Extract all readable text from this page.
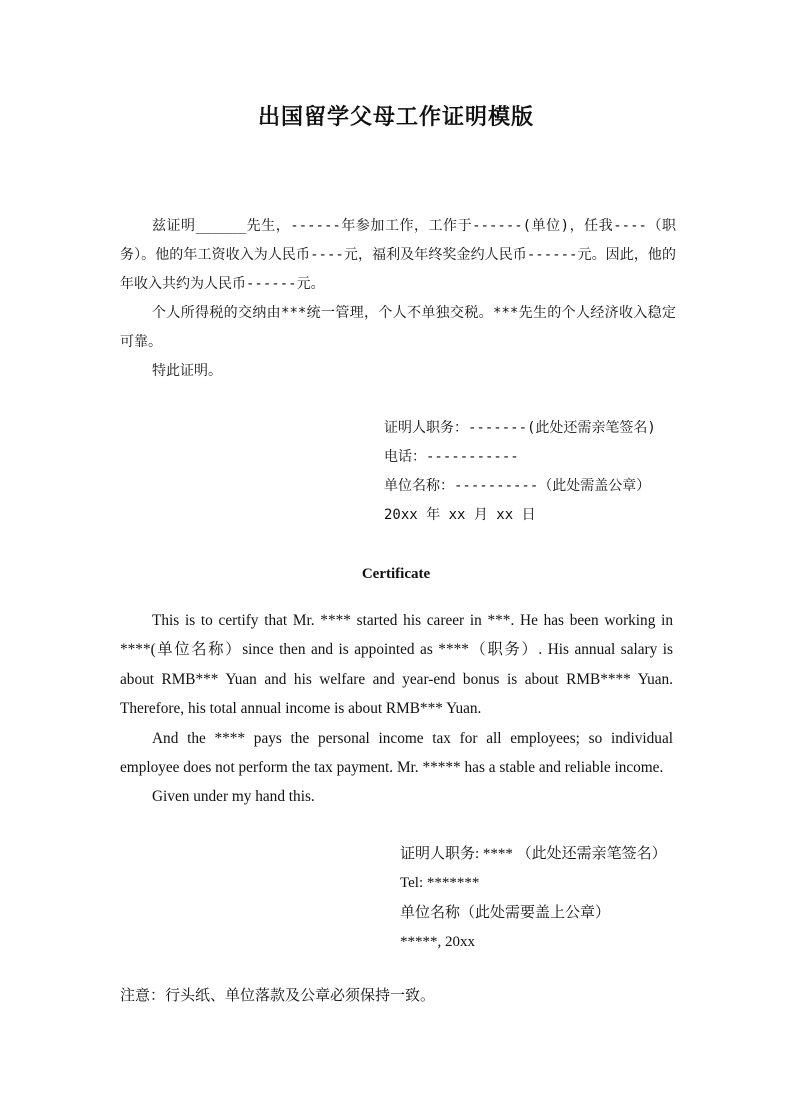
出国留学父母工作证明模版

兹证明______先生，------年参加工作，工作于------(单位)，任我----（职务）。他的年工资收入为人民币----元，福利及年终奖金约人民币------元。因此，他的年收入共约为人民币------元。

个人所得税的交纳由***统一管理，个人不单独交税。***先生的个人经济收入稳定可靠。

特此证明。

证明人职务：-------(此处还需亲笔签名)
电话：-----------
单位名称：----------（此处需盖公章）
20xx 年 xx 月 xx 日
Certificate

This is to certify that Mr. **** started his career in ***. He has been working in ****(单位名称）since then and is appointed as ****（职务）. His annual salary is about RMB*** Yuan and his welfare and year-end bonus is about RMB**** Yuan. Therefore, his total annual income is about RMB*** Yuan.

And the **** pays the personal income tax for all employees; so individual employee does not perform the tax payment. Mr. ***** has a stable and reliable income.

Given under my hand this.

证明人职务: **** （此处还需亲笔签名）
Tel: *******
单位名称（此处需要盖上公章）
*****, 20xx
注意：行头纸、单位落款及公章必须保持一致。
